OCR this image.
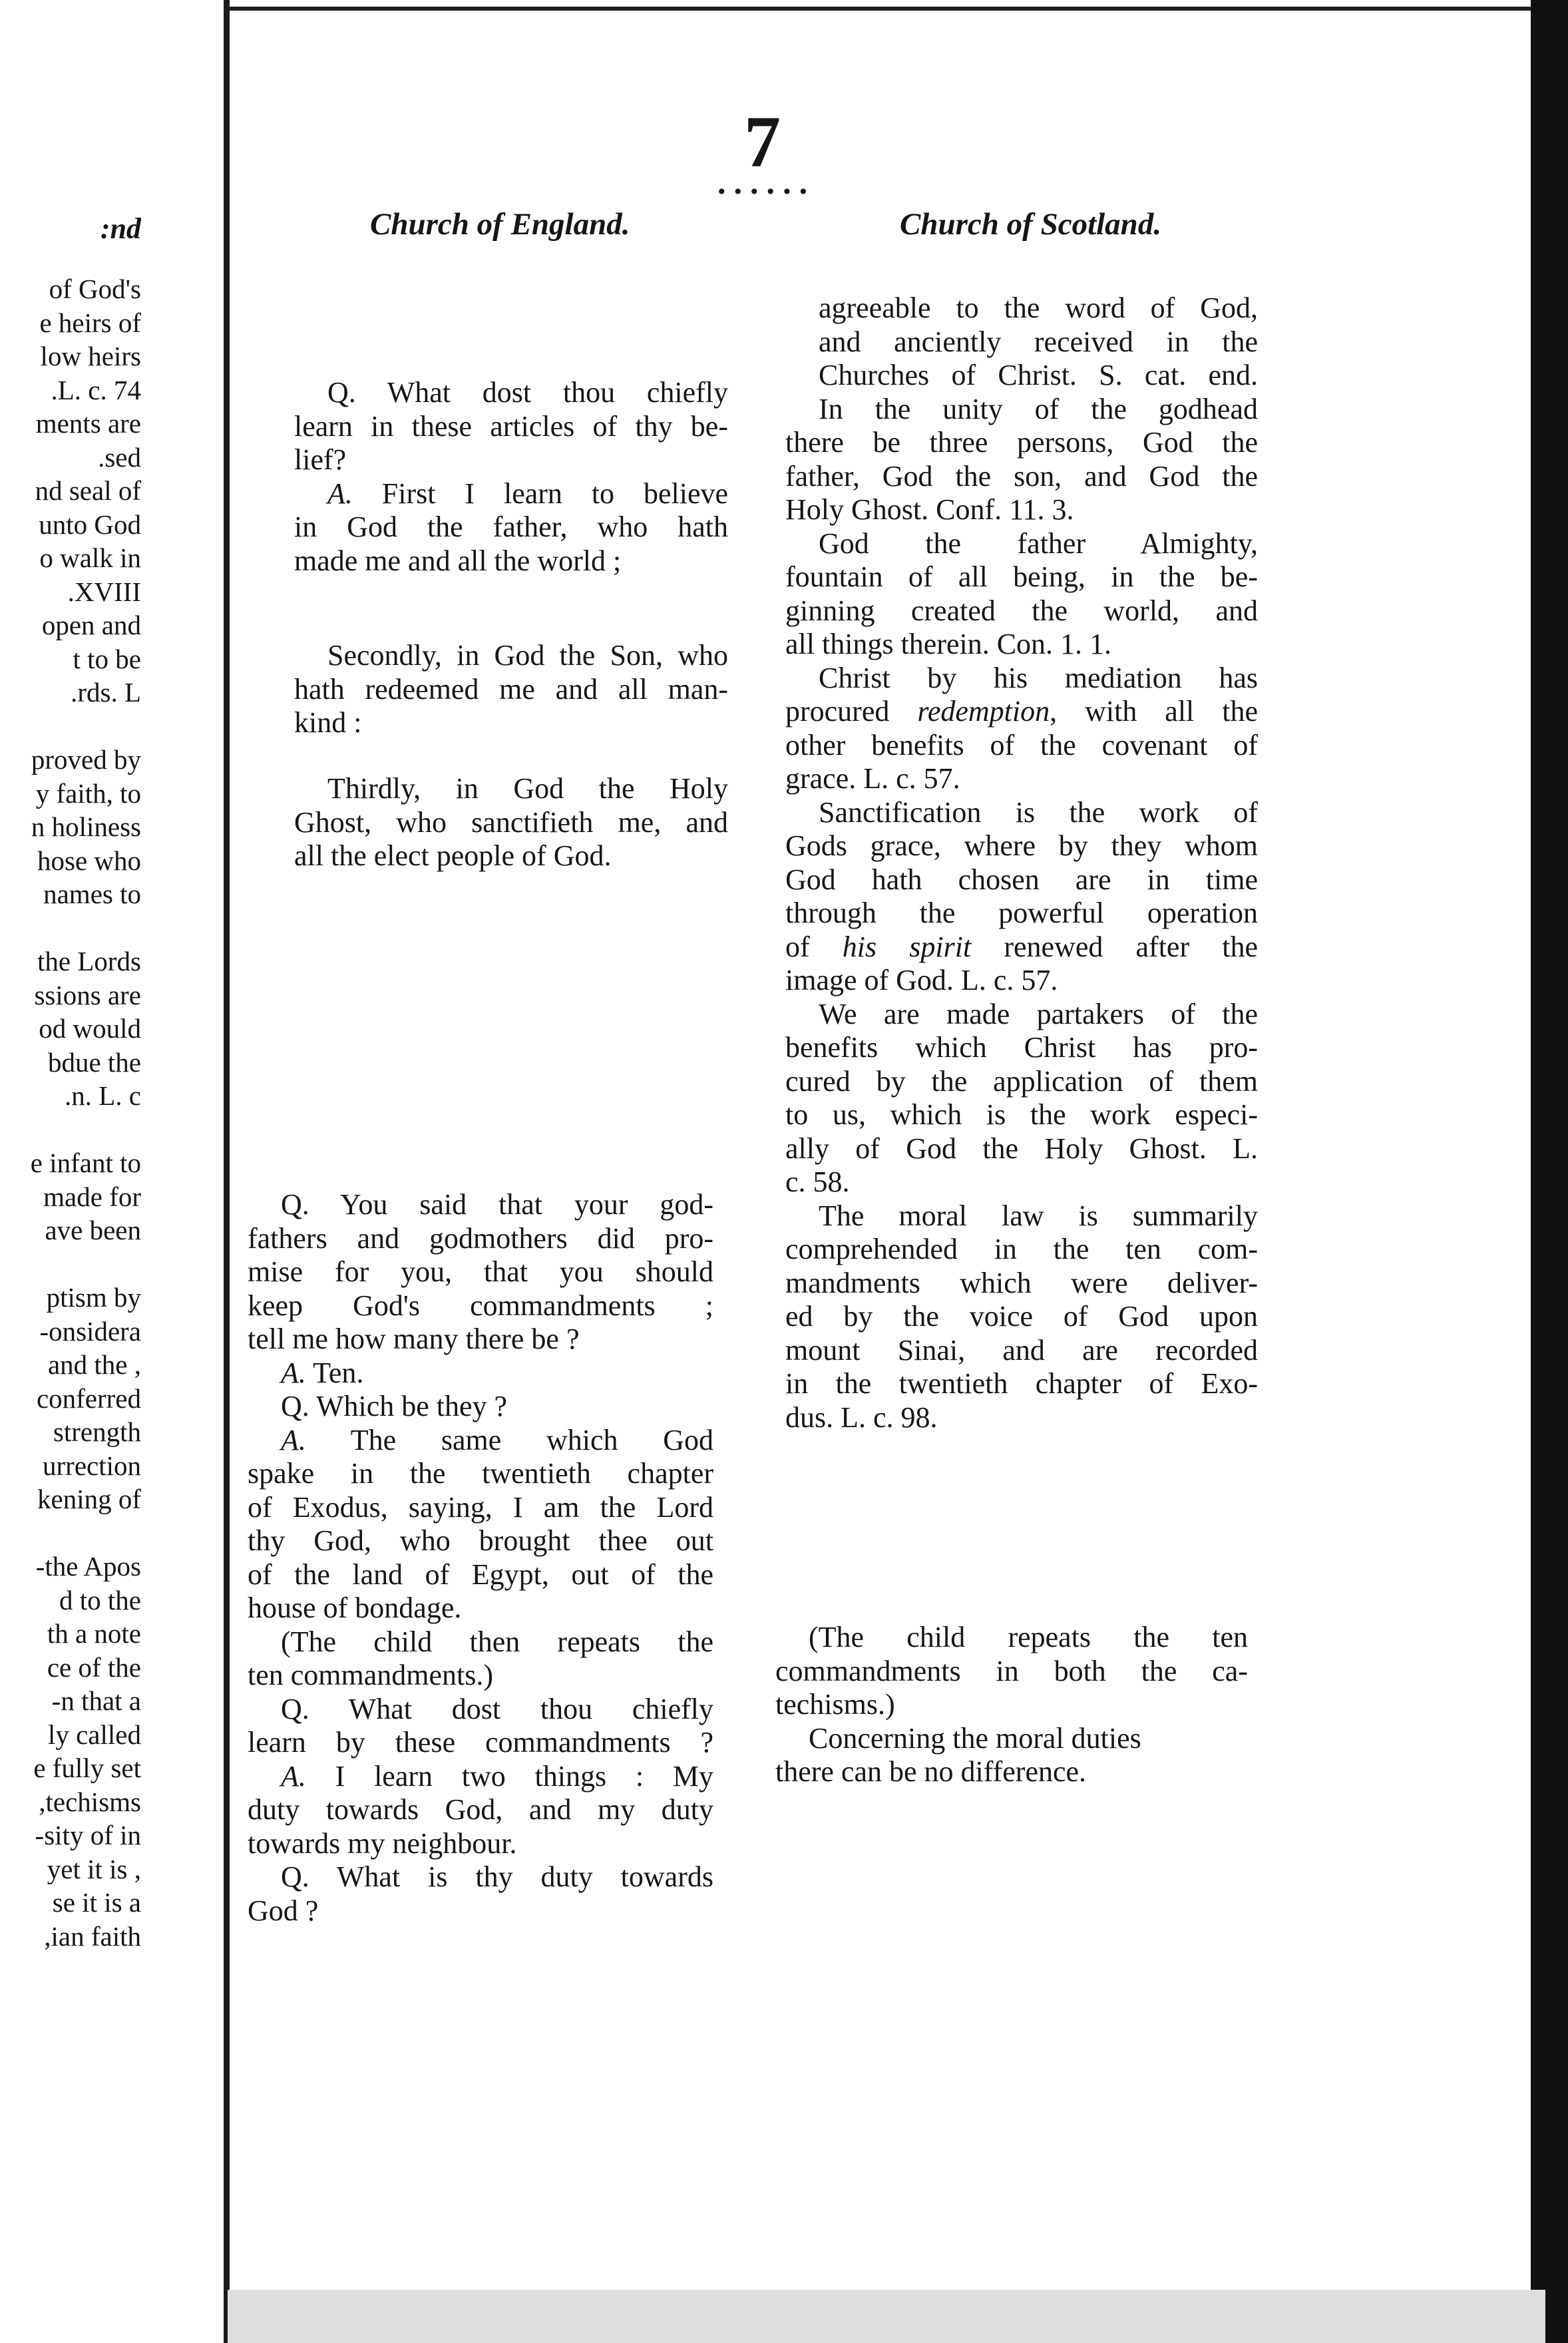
nd:
of God's
e heirs of
low heirs
L. c. 74.
ments are
sed.
nd seal of
unto God
o walk in
XVIII.
open and
t to be
rds. L.
proved by
y faith, to
n holiness
hose who
names to
the Lords
ssions are
od would
bdue the
n. L. c.
e infant to
made for
ave been
ptism by
onsidera-
, and the
conferred
strength
urrection
kening of
the Apos-
d to the
th a note
ce of the
n that a-
ly called
e fully set
techisms,
sity of in-
, yet it is
se it is a
ian faith,
7
••••••
Church of England.	Church of Scotland.
Q. What dost thou chiefly
learn in these articles of thy be-
lief?
A. First I learn to believe
in God the father, who hath
made me and all the world ;
Secondly, in God the Son, who
hath redeemed me and all man-
kind :
Thirdly, in God the Holy
Ghost, who sanctifieth me, and
all the elect people of God.
Q. You said that your god-
fathers and godmothers did pro-
mise for you, that you should
keep God's commandments ;
tell me how many there be ?
A. Ten.
Q. Which be they ?
A. The same which God
spake in the twentieth chapter
of Exodus, saying, I am the Lord
thy God, who brought thee out
of the land of Egypt, out of the
house of bondage.
(The child then repeats the
ten commandments.)
Q. What dost thou chiefly
learn by these commandments ?
A. I learn two things : My
duty towards God, and my duty
towards my neighbour.
Q. What is thy duty towards
God ?
agreeable to the word of God,
and anciently received in the
Churches of Christ. S. cat. end.
In the unity of the godhead
there be three persons, God the
father, God the son, and God the
Holy Ghost. Conf. 11. 3.
God the father Almighty,
fountain of all being, in the be-
ginning created the world, and
all things therein. Con. 1. 1.
Christ by his mediation has
procured redemption, with all the
other benefits of the covenant of
grace. L. c. 57.
Sanctification is the work of
Gods grace, where by they whom
God hath chosen are in time
through the powerful operation
of his spirit renewed after the
image of God. L. c. 57.
We are made partakers of the
benefits which Christ has pro-
cured by the application of them
to us, which is the work especi-
ally of God the Holy Ghost. L.
c. 58.
The moral law is summarily
comprehended in the ten com-
mandments which were deliver-
ed by the voice of God upon
mount Sinai, and are recorded
in the twentieth chapter of Exo-
dus. L. c. 98.
(The child repeats the ten
commandments in both the ca-
techisms.)
Concerning the moral duties
there can be no difference.
